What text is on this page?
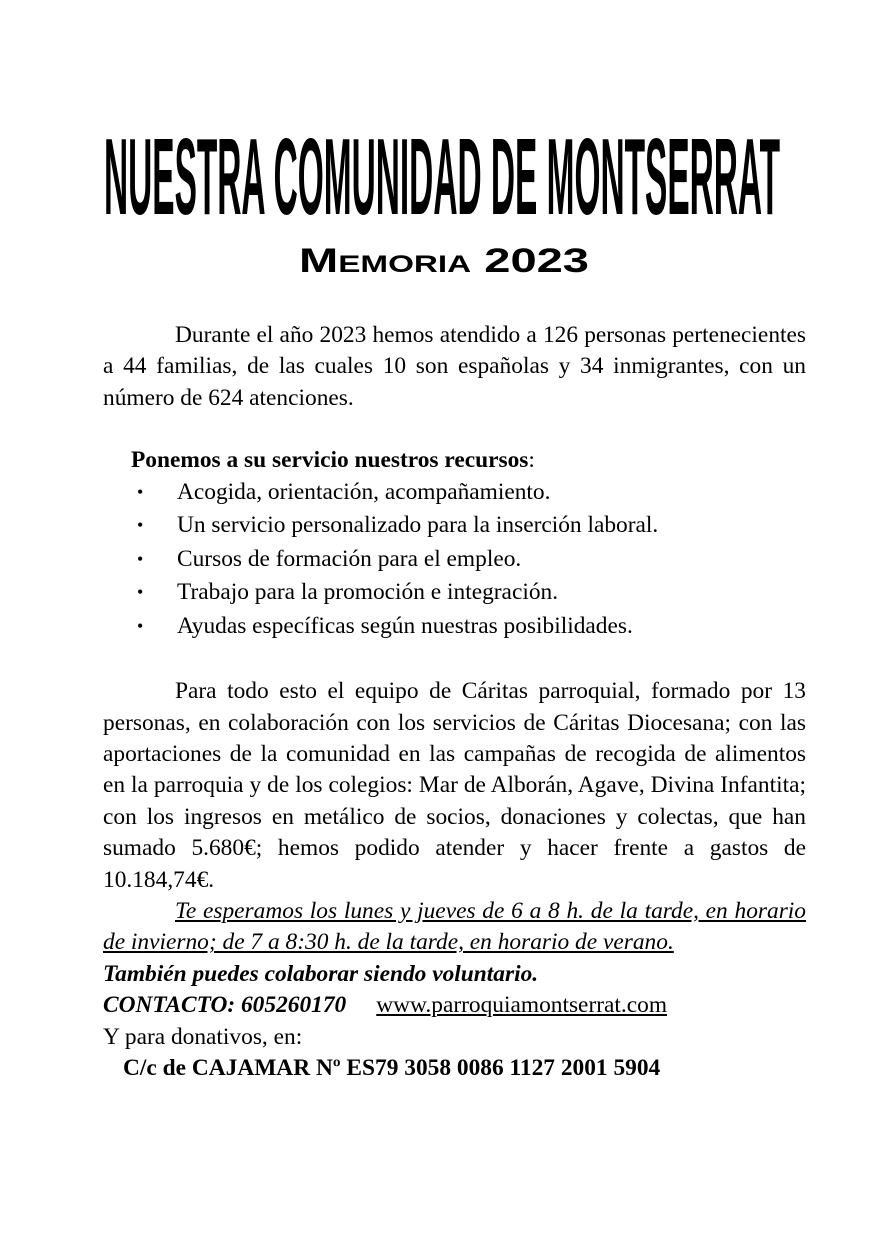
NUESTRA COMUNIDAD DE MONTSERRAT
Memoria 2023

Durante el año 2023 hemos atendido a 126 personas pertenecientes a 44 familias, de las cuales 10 son españolas y 34 inmigrantes, con un número de 624 atenciones.

Ponemos a su servicio nuestros recursos:

• Acogida, orientación, acompañamiento.
• Un servicio personalizado para la inserción laboral.
• Cursos de formación para el empleo.
• Trabajo para la promoción e integración.
• Ayudas específicas según nuestras posibilidades.

Para todo esto el equipo de Cáritas parroquial, formado por 13 personas, en colaboración con los servicios de Cáritas Diocesana; con las aportaciones de la comunidad en las campañas de recogida de alimentos en la parroquia y de los colegios: Mar de Alborán, Agave, Divina Infantita; con los ingresos en metálico de socios, donaciones y colectas, que han sumado 5.680€; hemos podido atender y hacer frente a gastos de 10.184,74€.

Te esperamos los lunes y jueves de 6 a 8 h. de la tarde, en horario de invierno; de 7 a 8:30 h. de la tarde, en horario de verano.

También puedes colaborar siendo voluntario.

CONTACTO: 605260170 www.parroquiamontserrat.com

Y para donativos, en:

C/c de CAJAMAR Nº ES79 3058 0086 1127 2001 5904
